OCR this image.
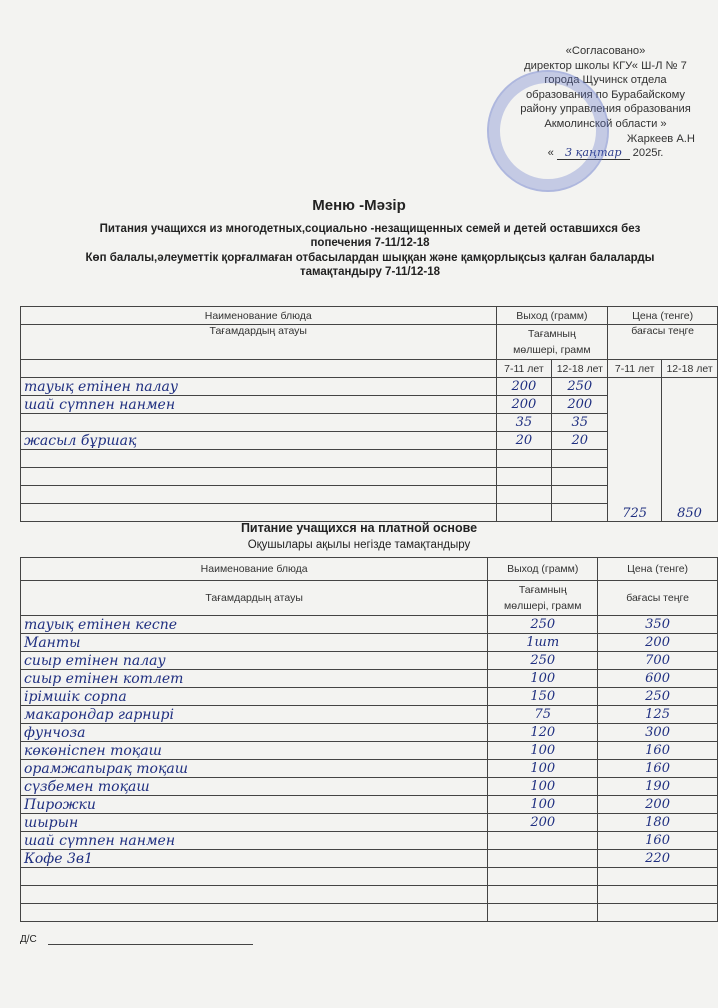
«Согласовано»
директор школы КГУ« Ш-Л № 7
города Щучинск отдела
образования по Бурабайскому
району управления образования
Акмолинской области »
Жаркеев А.Н
« 3 қаңтар 2025г.
Меню -Мәзір
Питания учащихся из многодетных,социально -незащищенных семей и детей оставшихся без
попечения 7-11/12-18
Көп балалы,әлеуметтік қорғалмаған отбасылардан шыққан және қамқорлықсыз қалған балаларды
тамақтандыру 7-11/12-18
Наименование блюда	Выход (грамм)		Цена (тенге)	
Тағамдардың атауы	Тағамның
мөлшері, грамм		бағасы теңге	
	7-11 лет	12-18 лет	7-11 лет	12-18 лет
тауық етінен палау	200	250	725	850

шай сүтпен нанмен	200	200		
	35	35		
жасыл бұршақ	20	20		

Питание учащихся на платной основе
Оқушылары ақылы негізде тамақтандыру
Наименование блюда	Выход (грамм)	Цена (тенге)
Тағамдардың атауы	Тағамның
мөлшері, грамм	бағасы теңге
тауық етінен кеспе	250	350
Манты	1шт	200
сиыр етінен палау	250	700
сиыр етінен котлет	100	600
ірімшік сорпа	150	250
макарондар гарнирі	75	125
фунчоза	120	300
көкөніспен тоқаш	100	160
орамжапырақ тоқаш	100	160
сүзбемен тоқаш	100	190
Пирожки	100	200
шырын	200	180
шай сүтпен нанмен		160
Кофе 3в1		220

Д/С
